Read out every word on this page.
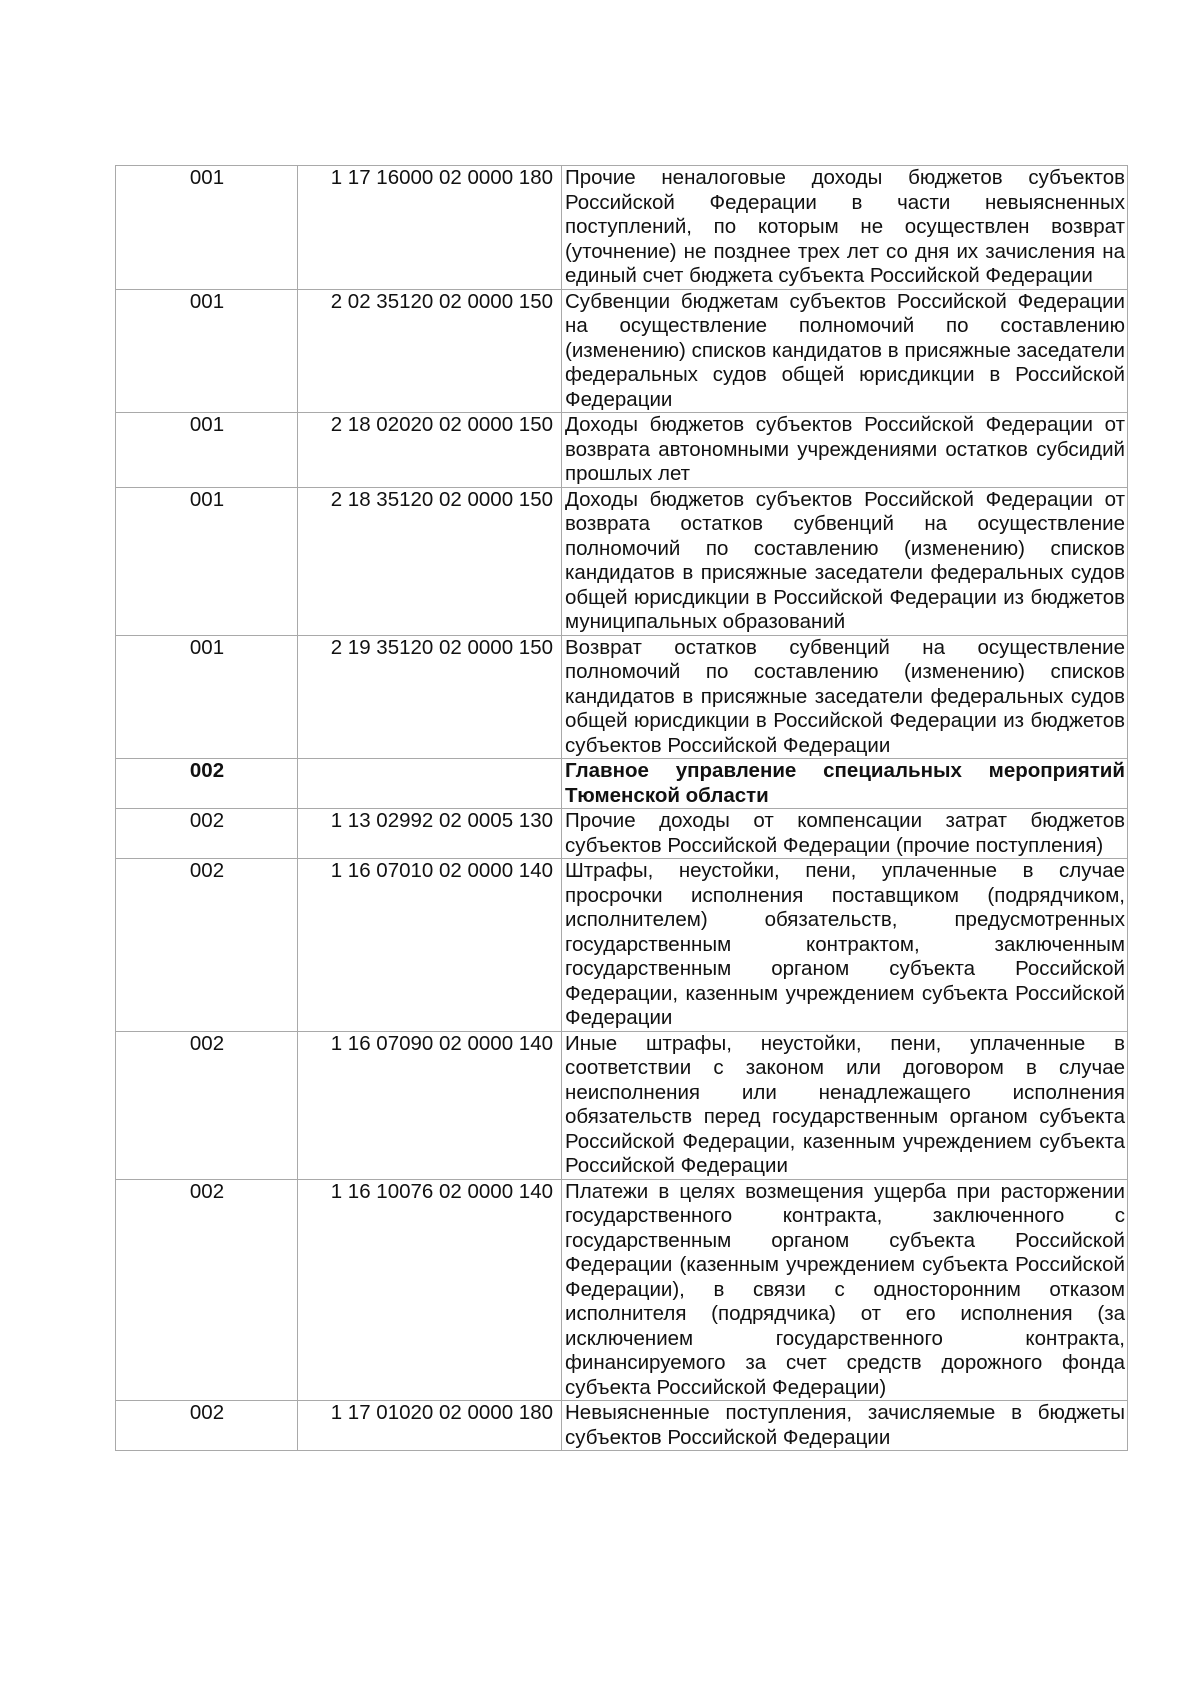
001	1 17 16000 02 0000 180	Прочие неналоговые доходы бюджетов субъектов Российской Федерации в части невыясненных поступлений, по которым не осуществлен возврат (уточнение) не позднее трех лет со дня их зачисления на единый счет бюджета субъекта Российской Федерации
001	2 02 35120 02 0000 150	Субвенции бюджетам субъектов Российской Федерации на осуществление полномочий по составлению (изменению) списков кандидатов в присяжные заседатели федеральных судов общей юрисдикции в Российской Федерации
001	2 18 02020 02 0000 150	Доходы бюджетов субъектов Российской Федерации от возврата автономными учреждениями остатков субсидий прошлых лет
001	2 18 35120 02 0000 150	Доходы бюджетов субъектов Российской Федерации от возврата остатков субвенций на осуществление полномочий по составлению (изменению) списков кандидатов в присяжные заседатели федеральных судов общей юрисдикции в Российской Федерации из бюджетов муниципальных образований
001	2 19 35120 02 0000 150	Возврат остатков субвенций на осуществление полномочий по составлению (изменению) списков кандидатов в присяжные заседатели федеральных судов общей юрисдикции в Российской Федерации из бюджетов субъектов Российской Федерации
002		Главное управление специальных мероприятий Тюменской области
002	1 13 02992 02 0005 130	Прочие доходы от компенсации затрат бюджетов субъектов Российской Федерации (прочие поступления)
002	1 16 07010 02 0000 140	Штрафы, неустойки, пени, уплаченные в случае просрочки исполнения поставщиком (подрядчиком, исполнителем) обязательств, предусмотренных государственным контрактом, заключенным государственным органом субъекта Российской Федерации, казенным учреждением субъекта Российской Федерации
002	1 16 07090 02 0000 140	Иные штрафы, неустойки, пени, уплаченные в соответствии с законом или договором в случае неисполнения или ненадлежащего исполнения обязательств перед государственным органом субъекта Российской Федерации, казенным учреждением субъекта Российской Федерации
002	1 16 10076 02 0000 140	Платежи в целях возмещения ущерба при расторжении государственного контракта, заключенного с государственным органом субъекта Российской Федерации (казенным учреждением субъекта Российской Федерации), в связи с односторонним отказом исполнителя (подрядчика) от его исполнения (за исключением государственного контракта, финансируемого за счет средств дорожного фонда субъекта Российской Федерации)
002	1 17 01020 02 0000 180	Невыясненные поступления, зачисляемые в бюджеты субъектов Российской Федерации
